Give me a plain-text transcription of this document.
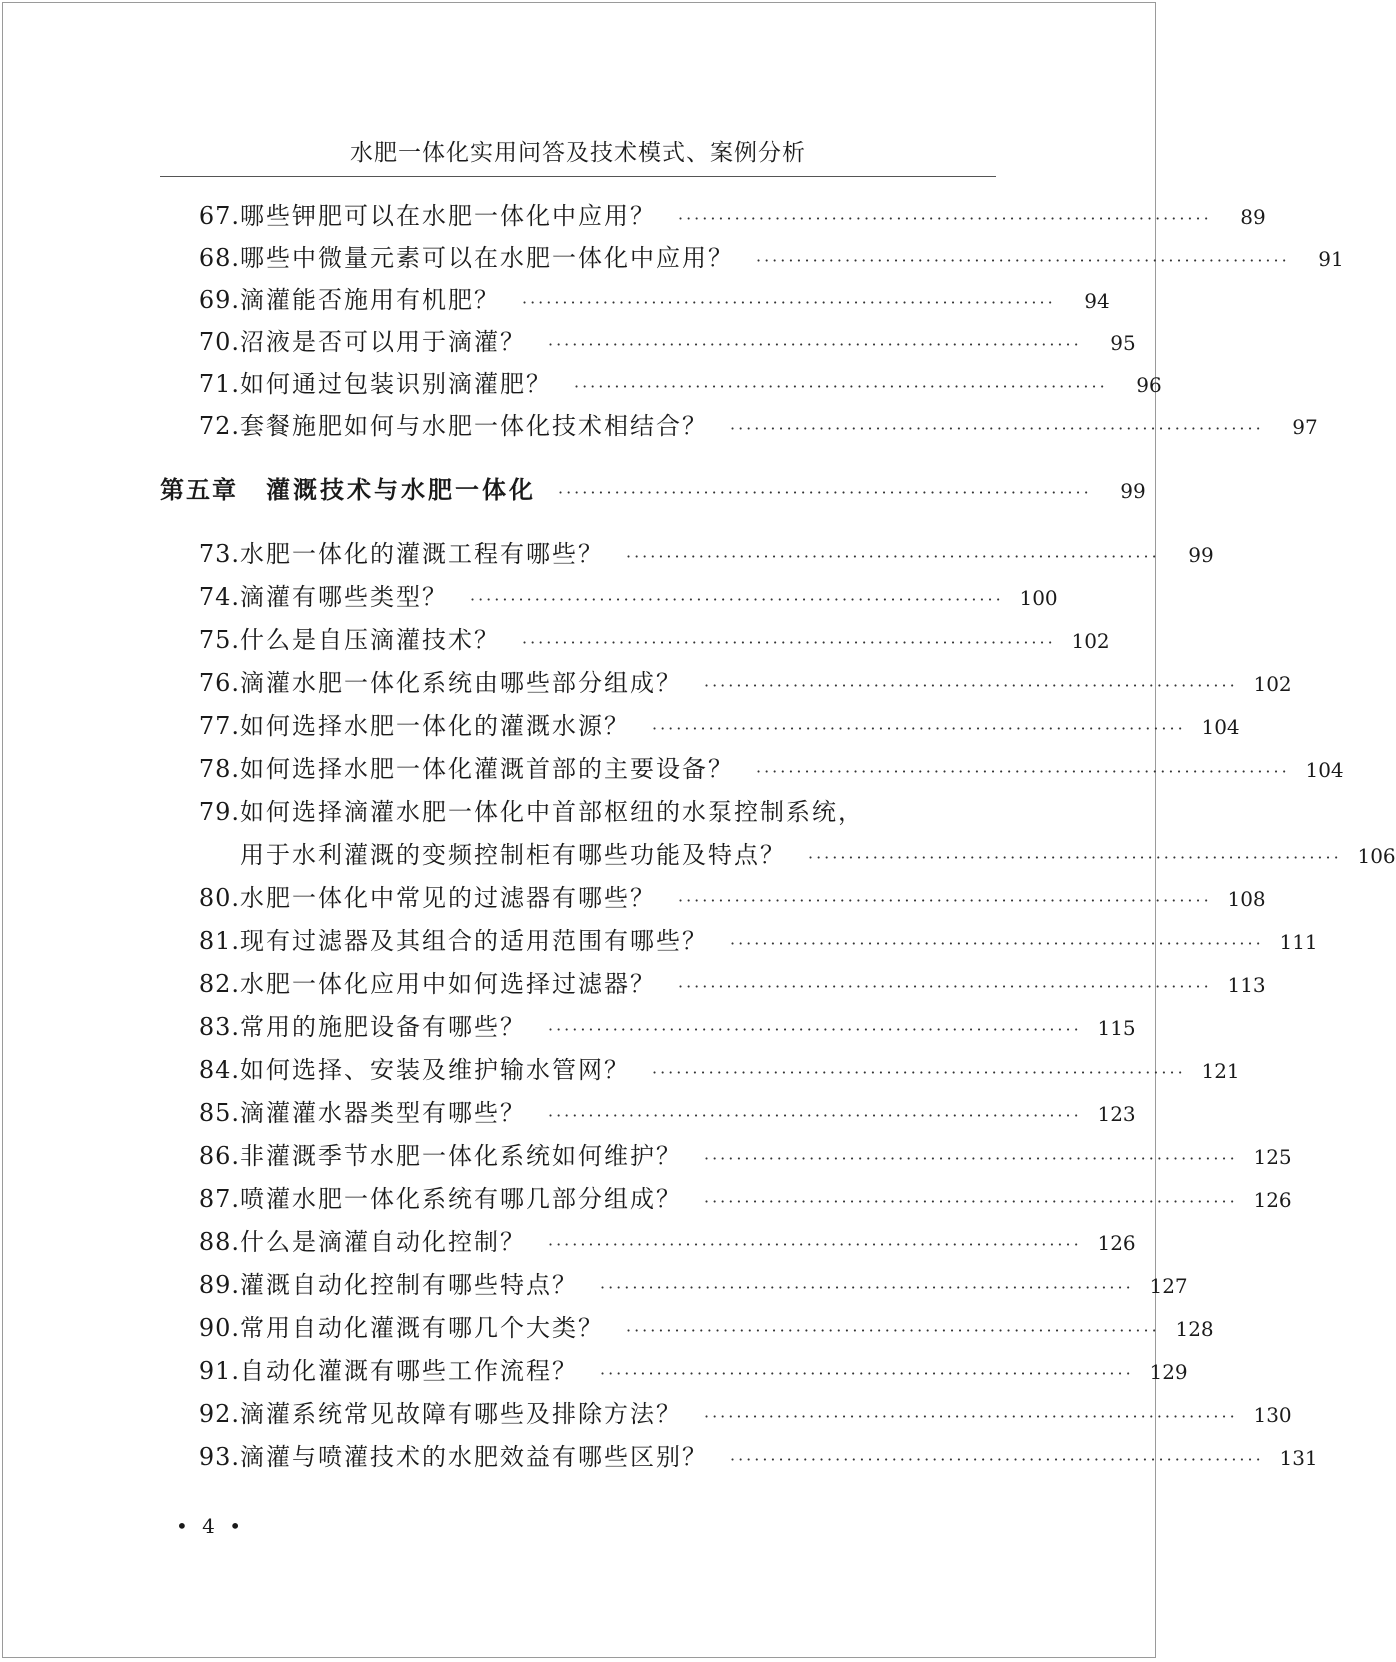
水肥一体化实用问答及技术模式、案例分析
67. 哪些钾肥可以在水肥一体化中应用？ ··································································	89
68. 哪些中微量元素可以在水肥一体化中应用？ ··································································	91
69. 滴灌能否施用有机肥？ ··································································	94
70. 沼液是否可以用于滴灌？ ··································································	95
71. 如何通过包装识别滴灌肥？ ··································································	96
72. 套餐施肥如何与水肥一体化技术相结合？ ··································································	97
第五章 灌溉技术与水肥一体化 ··································································	99
73. 水肥一体化的灌溉工程有哪些？ ··································································	99
74. 滴灌有哪些类型？ ·································································· 100
75. 什么是自压滴灌技术？ ·································································· 102
76. 滴灌水肥一体化系统由哪些部分组成？ ·································································· 102
77. 如何选择水肥一体化的灌溉水源？ ·································································· 104
78. 如何选择水肥一体化灌溉首部的主要设备？ ·································································· 104
79. 如何选择滴灌水肥一体化中首部枢纽的水泵控制系统，
用于水利灌溉的变频控制柜有哪些功能及特点？ ·································································· 106
80. 水肥一体化中常见的过滤器有哪些？ ·································································· 108
81. 现有过滤器及其组合的适用范围有哪些？ ·································································· 111
82. 水肥一体化应用中如何选择过滤器？ ·································································· 113
83. 常用的施肥设备有哪些？ ·································································· 115
84. 如何选择、安装及维护输水管网？ ·································································· 121
85. 滴灌灌水器类型有哪些？ ·································································· 123
86. 非灌溉季节水肥一体化系统如何维护？ ·································································· 125
87. 喷灌水肥一体化系统有哪几部分组成？ ·································································· 126
88. 什么是滴灌自动化控制？ ·································································· 126
89. 灌溉自动化控制有哪些特点？ ·································································· 127
90. 常用自动化灌溉有哪几个大类？ ·································································· 128
91. 自动化灌溉有哪些工作流程？ ·································································· 129
92. 滴灌系统常见故障有哪些及排除方法？ ·································································· 130
93. 滴灌与喷灌技术的水肥效益有哪些区别？ ·································································· 131
• 4 •
